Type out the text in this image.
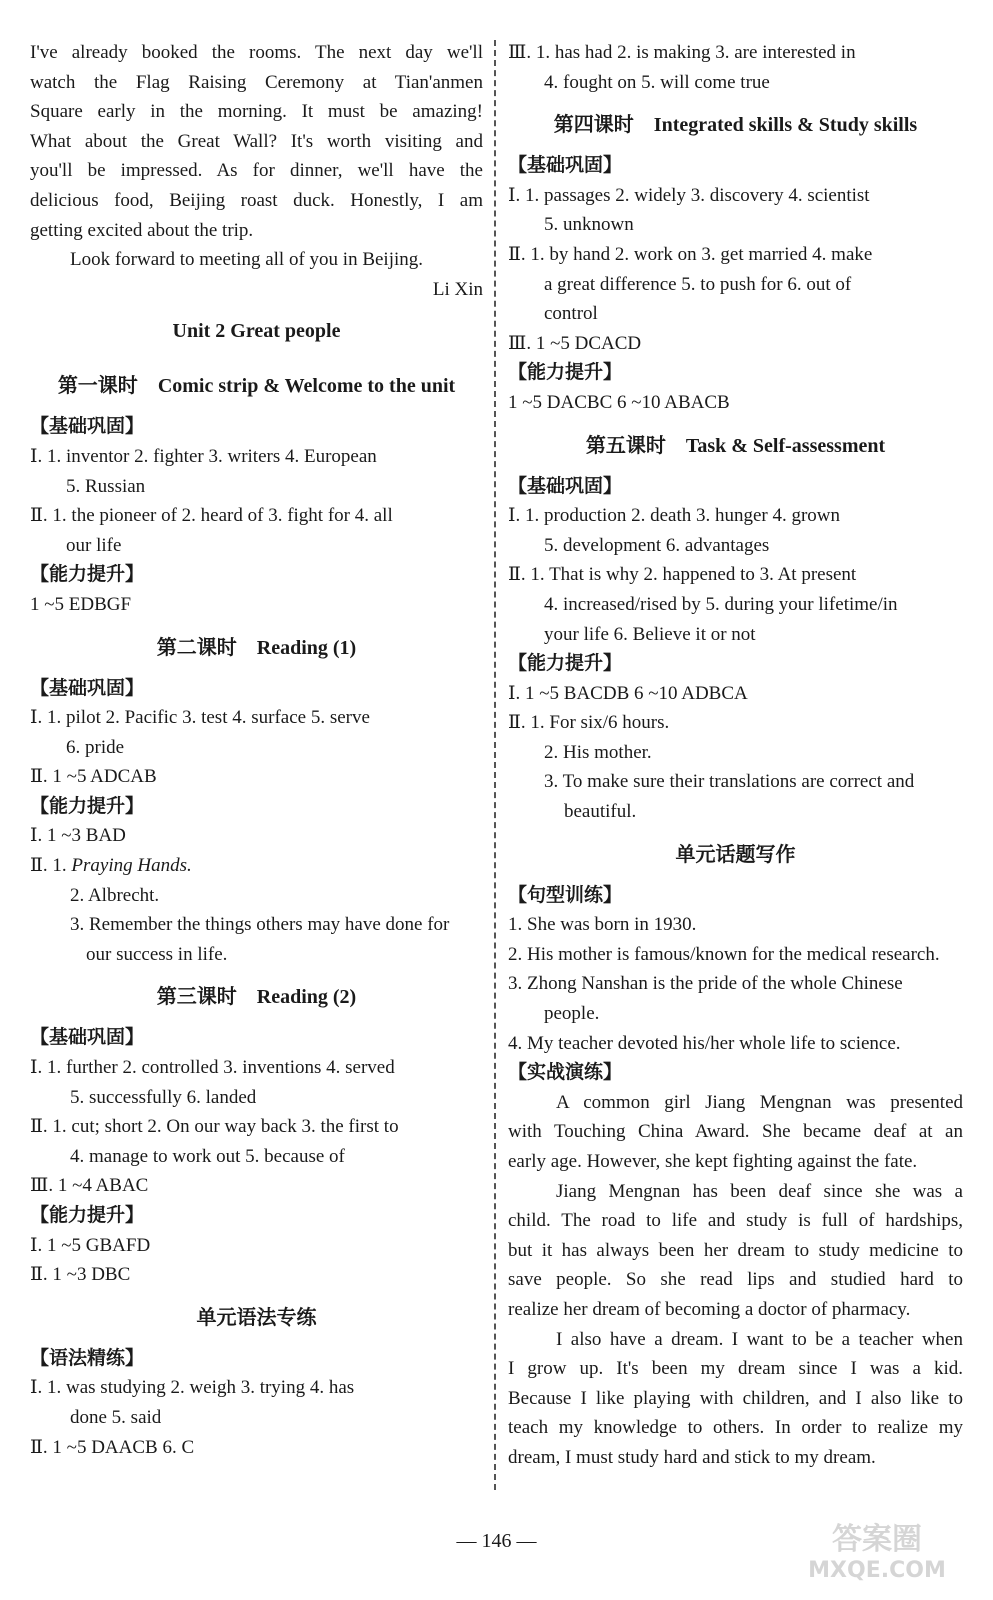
I've already booked the rooms. The next day we'll
watch the Flag Raising Ceremony at Tian'anmen
Square early in the morning. It must be amazing!
What about the Great Wall? It's worth visiting and
you'll be impressed. As for dinner, we'll have the
delicious food, Beijing roast duck. Honestly, I am
getting excited about the trip.
Look forward to meeting all of you in Beijing.
Li Xin
Unit 2 Great people
第一课时 Comic strip & Welcome to the unit
【基础巩固】
Ⅰ. 1. inventor 2. fighter 3. writers 4. European
5. Russian
Ⅱ. 1. the pioneer of 2. heard of 3. fight for 4. all
our life
【能力提升】
1 ~5 EDBGF
第二课时 Reading (1)
【基础巩固】
Ⅰ. 1. pilot 2. Pacific 3. test 4. surface 5. serve
6. pride
Ⅱ. 1 ~5 ADCAB
【能力提升】
Ⅰ. 1 ~3 BAD
Ⅱ. 1. Praying Hands.
2. Albrecht.
3. Remember the things others may have done for
our success in life.
第三课时 Reading (2)
【基础巩固】
Ⅰ. 1. further 2. controlled 3. inventions 4. served
5. successfully 6. landed
Ⅱ. 1. cut; short 2. On our way back 3. the first to
4. manage to work out 5. because of
Ⅲ. 1 ~4 ABAC
【能力提升】
Ⅰ. 1 ~5 GBAFD
Ⅱ. 1 ~3 DBC
单元语法专练
【语法精练】
Ⅰ. 1. was studying 2. weigh 3. trying 4. has
done 5. said
Ⅱ. 1 ~5 DAACB 6. C
Ⅲ. 1. has had 2. is making 3. are interested in
4. fought on 5. will come true
第四课时 Integrated skills & Study skills
【基础巩固】
Ⅰ. 1. passages 2. widely 3. discovery 4. scientist
5. unknown
Ⅱ. 1. by hand 2. work on 3. get married 4. make
a great difference 5. to push for 6. out of
control
Ⅲ. 1 ~5 DCACD
【能力提升】
1 ~5 DACBC 6 ~10 ABACB
第五课时 Task & Self-assessment
【基础巩固】
Ⅰ. 1. production 2. death 3. hunger 4. grown
5. development 6. advantages
Ⅱ. 1. That is why 2. happened to 3. At present
4. increased/rised by 5. during your lifetime/in
your life 6. Believe it or not
【能力提升】
Ⅰ. 1 ~5 BACDB 6 ~10 ADBCA
Ⅱ. 1. For six/6 hours.
2. His mother.
3. To make sure their translations are correct and
beautiful.
单元话题写作
【句型训练】
1. She was born in 1930.
2. His mother is famous/known for the medical research.
3. Zhong Nanshan is the pride of the whole Chinese
people.
4. My teacher devoted his/her whole life to science.
【实战演练】
A common girl Jiang Mengnan was presented
with Touching China Award. She became deaf at an
early age. However, she kept fighting against the fate.
Jiang Mengnan has been deaf since she was a
child. The road to life and study is full of hardships,
but it has always been her dream to study medicine to
save people. So she read lips and studied hard to
realize her dream of becoming a doctor of pharmacy.
I also have a dream. I want to be a teacher when
I grow up. It's been my dream since I was a kid.
Because I like playing with children, and I also like to
teach my knowledge to others. In order to realize my
dream, I must study hard and stick to my dream.
— 146 —	答案圈
MXQE.COM
